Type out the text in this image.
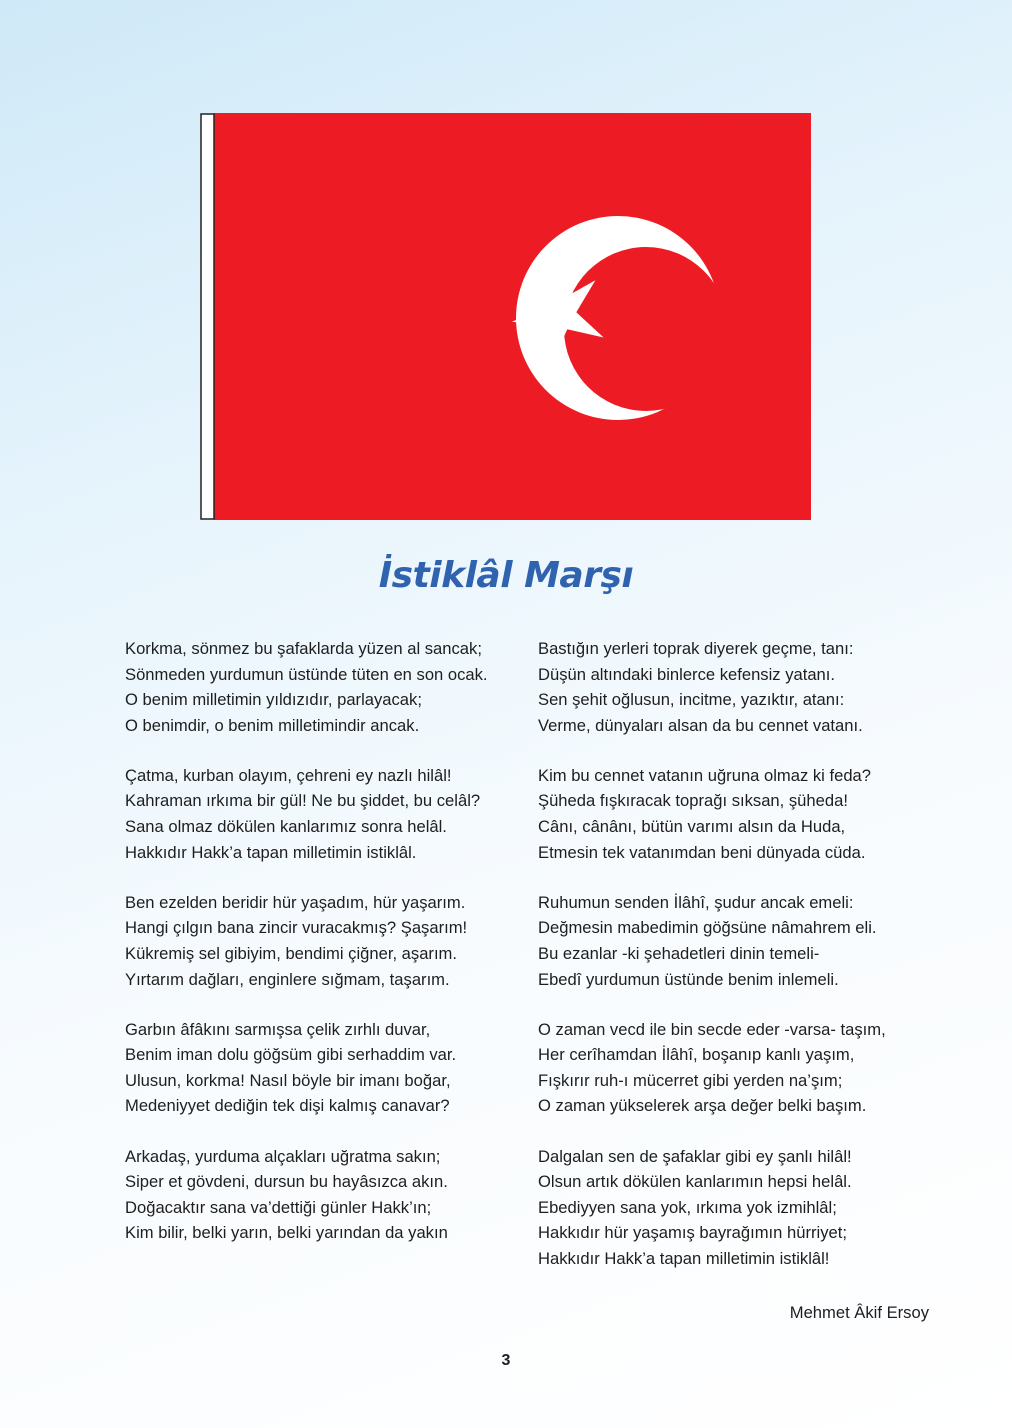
İstiklâl Marşı
Korkma, sönmez bu şafaklarda yüzen al sancak;
Sönmeden yurdumun üstünde tüten en son ocak.
O benim milletimin yıldızıdır, parlayacak;
O benimdir, o benim milletimindir ancak.
Çatma, kurban olayım, çehreni ey nazlı hilâl!
Kahraman ırkıma bir gül! Ne bu şiddet, bu celâl?
Sana olmaz dökülen kanlarımız sonra helâl.
Hakkıdır Hakk’a tapan milletimin istiklâl.
Ben ezelden beridir hür yaşadım, hür yaşarım.
Hangi çılgın bana zincir vuracakmış? Şaşarım!
Kükremiş sel gibiyim, bendimi çiğner, aşarım.
Yırtarım dağları, enginlere sığmam, taşarım.
Garbın âfâkını sarmışsa çelik zırhlı duvar,
Benim iman dolu göğsüm gibi serhaddim var.
Ulusun, korkma! Nasıl böyle bir imanı boğar,
Medeniyyet dediğin tek dişi kalmış canavar?
Arkadaş, yurduma alçakları uğratma sakın;
Siper et gövdeni, dursun bu hayâsızca akın.
Doğacaktır sana va’dettiği günler Hakk’ın;
Kim bilir, belki yarın, belki yarından da yakın
Bastığın yerleri toprak diyerek geçme, tanı:
Düşün altındaki binlerce kefensiz yatanı.
Sen şehit oğlusun, incitme, yazıktır, atanı:
Verme, dünyaları alsan da bu cennet vatanı.
Kim bu cennet vatanın uğruna olmaz ki feda?
Şüheda fışkıracak toprağı sıksan, şüheda!
Cânı, cânânı, bütün varımı alsın da Huda,
Etmesin tek vatanımdan beni dünyada cüda.
Ruhumun senden İlâhî, şudur ancak emeli:
Değmesin mabedimin göğsüne nâmahrem eli.
Bu ezanlar -ki şehadetleri dinin temeli-
Ebedî yurdumun üstünde benim inlemeli.
O zaman vecd ile bin secde eder -varsa- taşım,
Her cerîhamdan İlâhî, boşanıp kanlı yaşım,
Fışkırır ruh-ı mücerret gibi yerden na’şım;
O zaman yükselerek arşa değer belki başım.
Dalgalan sen de şafaklar gibi ey şanlı hilâl!
Olsun artık dökülen kanlarımın hepsi helâl.
Ebediyyen sana yok, ırkıma yok izmihlâl;
Hakkıdır hür yaşamış bayrağımın hürriyet;
Hakkıdır Hakk’a tapan milletimin istiklâl!
Mehmet Âkif Ersoy
3
